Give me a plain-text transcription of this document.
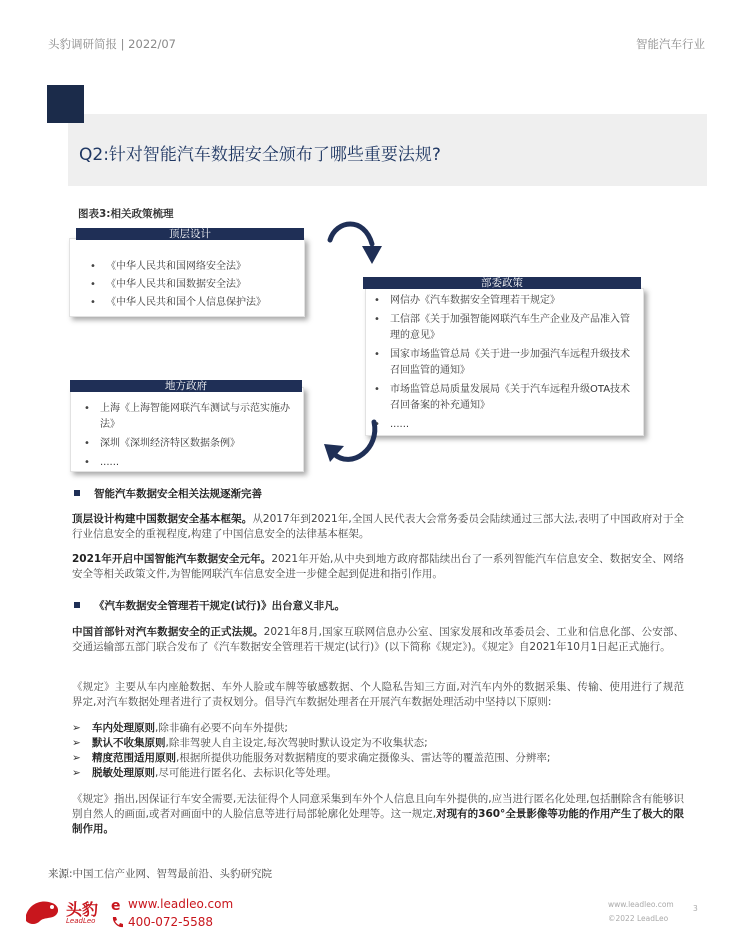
头豹调研简报 | 2022/07	智能汽车行业
Q2:针对智能汽车数据安全颁布了哪些重要法规?
图表3:相关政策梳理
顶层设计
• 《中华人民共和国网络安全法》
• 《中华人民共和国数据安全法》
• 《中华人民共和国个人信息保护法》
部委政策
• 网信办《汽车数据安全管理若干规定》
• 工信部《关于加强智能网联汽车生产企业及产品准入管理的意见》
• 国家市场监管总局《关于进一步加强汽车远程升级技术召回监管的通知》
• 市场监管总局质量发展局《关于汽车远程升级OTA技术召回备案的补充通知》
• ......
地方政府
• 上海《上海智能网联汽车测试与示范实施办法》
• 深圳《深圳经济特区数据条例》
• ......
智能汽车数据安全相关法规逐渐完善
顶层设计构建中国数据安全基本框架。从2017年到2021年,全国人民代表大会常务委员会陆续通过三部大法,表明了中国政府对于全行业信息安全的重视程度,构建了中国信息安全的法律基本框架。
2021年开启中国智能汽车数据安全元年。2021年开始,从中央到地方政府都陆续出台了一系列智能汽车信息安全、数据安全、网络安全等相关政策文件,为智能网联汽车信息安全进一步健全起到促进和指引作用。
《汽车数据安全管理若干规定(试行)》出台意义非凡。
中国首部针对汽车数据安全的正式法规。2021年8月,国家互联网信息办公室、国家发展和改革委员会、工业和信息化部、公安部、交通运输部五部门联合发布了《汽车数据安全管理若干规定(试行)》(以下简称《规定》)。《规定》自2021年10月1日起正式施行。
《规定》主要从车内座舱数据、车外人脸或车牌等敏感数据、个人隐私告知三方面,对汽车内外的数据采集、传输、使用进行了规范界定,对汽车数据处理者进行了责权划分。倡导汽车数据处理者在开展汽车数据处理活动中坚持以下原则:
➢ 车内处理原则,除非确有必要不向车外提供;
➢ 默认不收集原则,除非驾驶人自主设定,每次驾驶时默认设定为不收集状态;
➢ 精度范围适用原则,根据所提供功能服务对数据精度的要求确定摄像头、雷达等的覆盖范围、分辨率;
➢ 脱敏处理原则,尽可能进行匿名化、去标识化等处理。
《规定》指出,因保证行车安全需要,无法征得个人同意采集到车外个人信息且向车外提供的,应当进行匿名化处理,包括删除含有能够识别自然人的画面,或者对画面中的人脸信息等进行局部轮廓化处理等。这一规定,对现有的360°全景影像等功能的作用产生了极大的限制作用。
来源:中国工信产业网、智驾最前沿、头豹研究院
头豹
LeadLeo
e www.leadleo.com
400-072-5588
www.leadleo.com
©2022 LeadLeo
3
